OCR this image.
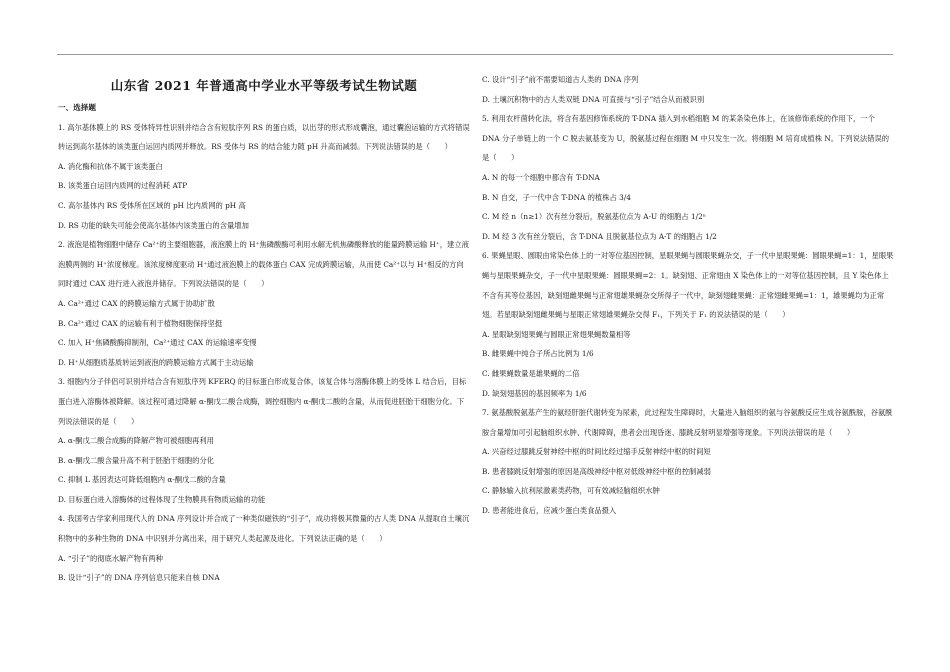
山东省 2021 年普通高中学业水平等级考试生物试题

一、选择题

1. 高尔基体膜上的 RS 受体特异性识别并结合含有短肽序列 RS 的蛋白质，以出芽的形式形成囊泡，通过囊泡运输的方式将错误转运到高尔基体的该类蛋白运回内质网并释放。RS 受体与 RS 的结合能力随 pH 升高而减弱。下列说法错误的是（　　）

A. 消化酶和抗体不属于该类蛋白

B. 该类蛋白运回内质网的过程消耗 ATP

C. 高尔基体内 RS 受体所在区域的 pH 比内质网的 pH 高

D. RS 功能的缺失可能会使高尔基体内该类蛋白的含量增加

2. 液泡是植物细胞中储存 Ca²⁺的主要细胞器，液泡膜上的 H⁺焦磷酸酶可利用水解无机焦磷酸释放的能量跨膜运输 H⁺，建立液泡膜两侧的 H⁺浓度梯度。该浓度梯度驱动 H⁺通过液泡膜上的载体蛋白 CAX 完成跨膜运输，从而使 Ca²⁺以与 H⁺相反的方向同时通过 CAX 进行进入液泡并储存。下列说法错误的是（　　）

A. Ca²⁺通过 CAX 的跨膜运输方式属于协助扩散

B. Ca²⁺通过 CAX 的运输有利于植物细胞保持坚挺

C. 加入 H⁺焦磷酸酶抑制剂，Ca²⁺通过 CAX 的运输速率变慢

D. H⁺从细胞质基质转运到液泡的跨膜运输方式属于主动运输

3. 细胞内分子伴侣可识别并结合含有短肽序列 KFERQ 的目标蛋白形成复合体，该复合体与溶酶体膜上的受体 L 结合后，目标蛋白进入溶酶体被降解。该过程可通过降解 α-酮戊二酸合成酶，调控细胞内 α-酮戊二酸的含量，从而促进胚胎干细胞分化。下列说法错误的是（　　）

A. α-酮戊二酸合成酶的降解产物可被细胞再利用

B. α-酮戊二酸含量升高不利于胚胎干细胞的分化

C. 抑制 L 基因表达可降低细胞内 α-酮戊二酸的含量

D. 目标蛋白进入溶酶体的过程体现了生物膜具有物质运输的功能

4. 我国考古学家利用现代人的 DNA 序列设计并合成了一种类似磁铁的“引子”，成功将极其微量的古人类 DNA 从提取自土壤沉积物中的多种生物的 DNA 中识别并分离出来，用于研究人类起源及进化。下列说法正确的是（　　）

A. “引子”的彻底水解产物有两种

B. 设计“引子”的 DNA 序列信息只能来自核 DNA

C. 设计“引子”前不需要知道古人类的 DNA 序列

D. 土壤沉积物中的古人类双链 DNA 可直接与“引子”结合从而被识别

5. 利用农杆菌转化法，将含有基因修饰系统的 T-DNA 插入到水稻细胞 M 的某条染色体上，在该修饰系统的作用下，一个 DNA 分子单链上的一个 C 脱去氨基变为 U，脱氨基过程在细胞 M 中只发生一次。将细胞 M 培育成植株 N。下列说法错误的是（　　）

A. N 的每一个细胞中都含有 T-DNA

B. N 自交，子一代中含 T-DNA 的植株占 3/4

C. M 经 n（n≥1）次有丝分裂后，脱氨基位点为 A-U 的细胞占 1/2ⁿ

D. M 经 3 次有丝分裂后，含 T-DNA 且脱氨基位点为 A-T 的细胞占 1/2

6. 果蝇星眼、圆眼由常染色体上的一对等位基因控制，星眼果蝇与圆眼果蝇杂交，子一代中星眼果蝇：圆眼果蝇=1：1，星眼果蝇与星眼果蝇杂交，子一代中星眼果蝇：圆眼果蝇=2：1。缺刻翅、正常翅由 X 染色体上的一对等位基因控制，且 Y 染色体上不含有其等位基因，缺刻翅雌果蝇与正常翅雄果蝇杂交所得子一代中，缺刻翅雌果蝇：正常翅雌果蝇=1：1，雄果蝇均为正常翅。若星眼缺刻翅雌果蝇与星眼正常翅雄果蝇杂交得 F₁，下列关于 F₁ 的说法错误的是（　　）

A. 星眼缺刻翅果蝇与圆眼正常翅果蝇数量相等

B. 雌果蝇中纯合子所占比例为 1/6

C. 雌果蝇数量是雄果蝇的二倍

D. 缺刻翅基因的基因频率为 1/6

7. 氨基酸脱氨基产生的氨经肝脏代谢转变为尿素，此过程发生障碍时，大量进入脑组织的氨与谷氨酸反应生成谷氨酰胺，谷氨酰胺含量增加可引起脑组织水肿、代谢障碍，患者会出现昏迷、膝跳反射明显增强等现象。下列说法错误的是（　　）

A. 兴奋经过膝跳反射神经中枢的时间比经过缩手反射神经中枢的时间短

B. 患者膝跳反射增强的原因是高级神经中枢对低级神经中枢的控制减弱

C. 静脉输入抗利尿激素类药物，可有效减轻脑组织水肿

D. 患者能进食后，应减少蛋白类食品摄入
